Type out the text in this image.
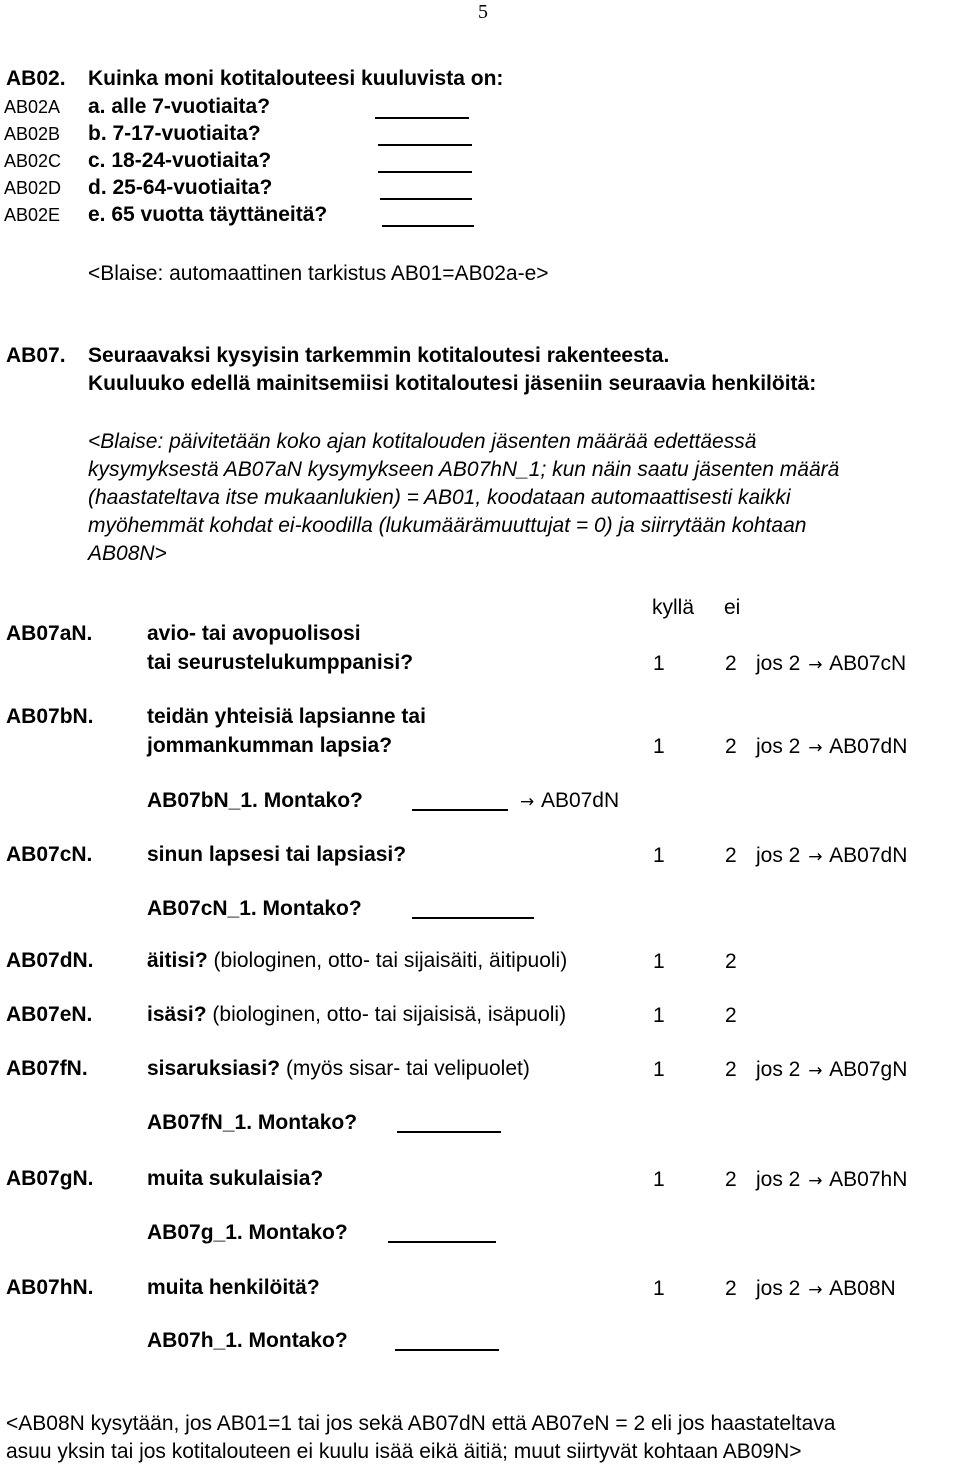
5
AB02. Kuinka moni kotitalouteesi kuuluvista on:
AB02A a. alle 7-vuotiaita?
AB02B b. 7-17-vuotiaita?
AB02C c. 18-24-vuotiaita?
AB02D d. 25-64-vuotiaita?
AB02E e. 65 vuotta täyttäneitä?
<Blaise: automaattinen tarkistus AB01=AB02a-e>
AB07. Seuraavaksi kysyisin tarkemmin kotitaloutesi rakenteesta.
Kuuluuko edellä mainitsemiisi kotitaloutesi jäseniin seuraavia henkilöitä:
<Blaise: päivitetään koko ajan kotitalouden jäsenten määrää edettäessä
kysymyksestä AB07aN kysymykseen AB07hN_1; kun näin saatu jäsenten määrä
(haastateltava itse mukaanlukien) = AB01, koodataan automaattisesti kaikki
myöhemmät kohdat ei-koodilla (lukumäärämuuttujat = 0) ja siirrytään kohtaan
AB08N>
kyllä ei
AB07aN.	avio- tai avopuolisosi
tai seurustelukumppanisi?	1	2 jos 2 → AB07cN
AB07bN.	teidän yhteisiä lapsianne tai
jommankumman lapsia?	1	2 jos 2 → AB07dN
AB07bN_1. Montako?	→ AB07dN
AB07cN.	sinun lapsesi tai lapsiasi?	1	2 jos 2 → AB07dN
AB07cN_1. Montako?
AB07dN.	äitisi? (biologinen, otto- tai sijaisäiti, äitipuoli)	1	2
AB07eN.	isäsi? (biologinen, otto- tai sijaisisä, isäpuoli)	1	2
AB07fN.	sisaruksiasi? (myös sisar- tai velipuolet)	1	2 jos 2 → AB07gN
AB07fN_1. Montako?
AB07gN.	muita sukulaisia?	1	2 jos 2 → AB07hN
AB07g_1. Montako?
AB07hN.	muita henkilöitä?	1	2 jos 2 → AB08N
AB07h_1. Montako?
<AB08N kysytään, jos AB01=1 tai jos sekä AB07dN että AB07eN = 2 eli jos haastateltava
asuu yksin tai jos kotitalouteen ei kuulu isää eikä äitiä; muut siirtyvät kohtaan AB09N>
